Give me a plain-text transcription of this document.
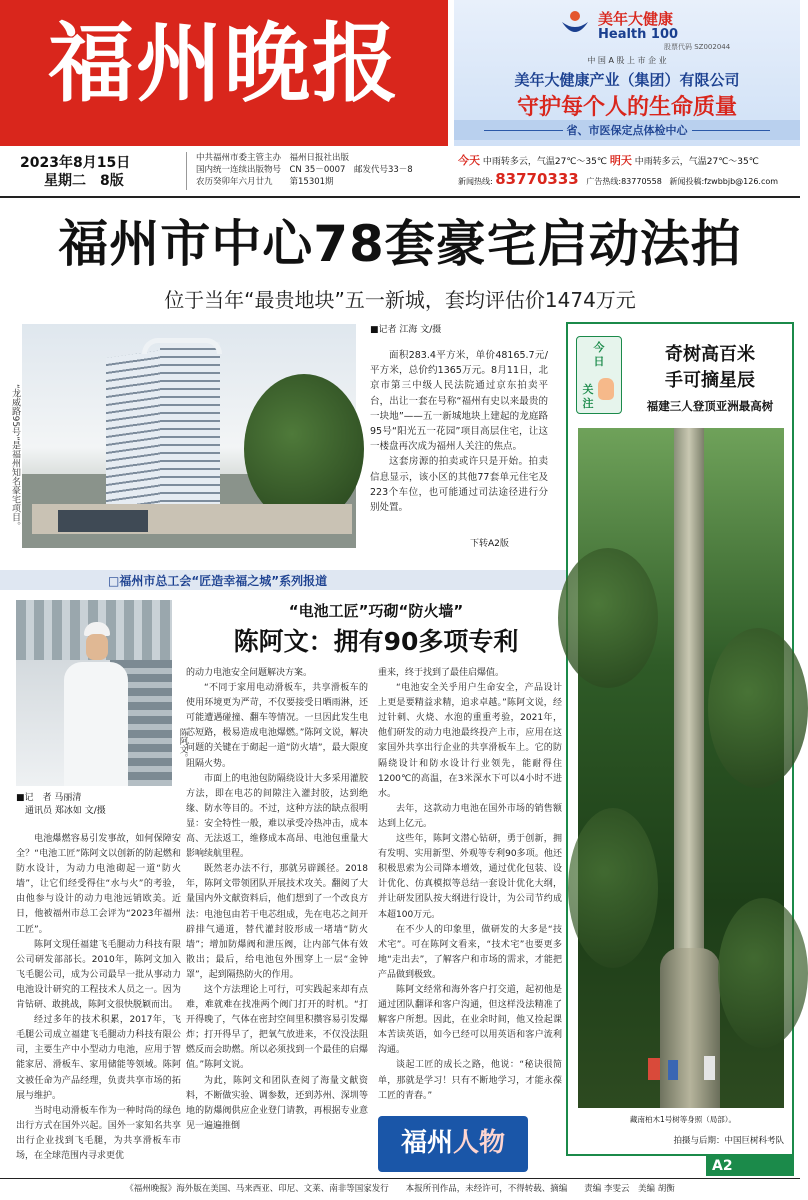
福州晚报	美年大健康
Health 100
股票代码 SZ002044
中 国 A 股 上 市 企 业
美年大健康产业（集团）有限公司
守护每个人的生命质量
省、市医保定点体检中心
2023年8月15日
星期二　8版
中共福州市委主管主办　福州日报社出版
国内统一连续出版物号　CN 35－0007　邮发代号33－8
农历癸卯年六月廿九　　第15301期
今天 中雨转多云，气温27℃～35℃ 明天 中雨转多云，气温27℃～35℃
新闻热线: 83770333 广告热线:83770558 新闻投稿:fzwbbjb@126.com
福州市中心78套豪宅启动法拍
位于当年“最贵地块”五一新城，套均评估价1474万元
“龙威路95号”是福州知名豪宅项目。
■记者 江海 文/摄

面积283.4平方米，单价48165.7元/平方米，总价约1365万元。8月11日，北京市第三中级人民法院通过京东拍卖平台，出让一套在号称“福州有史以来最贵的一块地”——五一新城地块上建起的龙庭路95号“阳光五一花园”项目高层住宅，让这一楼盘再次成为福州人关注的焦点。

这套房源的拍卖或许只是开始。拍卖信息显示，该小区的其他77套单元住宅及223个车位，也可能通过司法途径进行分别处置。

下转A2版
□福州市总工会“匠造幸福之城”系列报道
陈阿文。
“电池工匠”巧砌“防火墙”
陈阿文：拥有90多项专利
■记　者 马丽清
　通讯员 郑冰如 文/摄

电池爆燃容易引发事故，如何保障安全？“电池工匠”陈阿文以创新的防起燃和防水设计，为动力电池砌起一道“防火墙”，让它们经受得住“水与火”的考验，由他参与设计的动力电池远销欧美。近日，他被福州市总工会评为“2023年福州工匠”。

陈阿文现任福建飞毛腿动力科技有限公司研发部部长。2010年，陈阿文加入飞毛腿公司，成为公司最早一批从事动力电池设计研究的工程技术人员之一。因为肯钻研、敢挑战，陈阿文很快脱颖而出。

经过多年的技术积累，2017年，飞毛腿公司成立福建飞毛腿动力科技有限公司，主要生产中小型动力电池，应用于智能家居、滑板车、家用储能等领域。陈阿文被任命为产品经理，负责共享市场的拓展与维护。

当时电动滑板车作为一种时尚的绿色出行方式在国外兴起。国外一家知名共享出行企业找到飞毛腿，为共享滑板车市场，在全球范围内寻求更优

的动力电池安全问题解决方案。

“不同于家用电动滑板车，共享滑板车的使用环境更为严苛，不仅要接受日晒雨淋，还可能遭遇碰撞、翻车等情况。一旦因此发生电芯短路，极易造成电池爆燃。”陈阿文说，解决问题的关键在于砌起一道“防火墙”，最大限度阻隔火势。

市面上的电池包防隔绕设计大多采用灌胶方法，即在电芯的间隙注入灌封胶，达到绝缘、防水等目的。不过，这种方法的缺点很明显：安全特性一般，难以承受冷热冲击，成本高、无法返工，维修成本高昂、电池包重量大影响续航里程。

既然老办法不行，那就另辟蹊径。2018年，陈阿文带领团队开展技术攻关。翻阅了大量国内外文献资料后，他们想到了一个改良方法：电池包由若干电芯组成，先在电芯之间开辟排气通道，替代灌封胶形成一堵墙“防火墙”；增加防爆阀和泄压阀，让内部气体有效散出；最后，给电池包外围穿上一层“金钟罩”，起到隔热防火的作用。

这个方法理论上可行，可实践起来却有点难，难就难在找准两个阀门打开的时机。“打开得晚了，气体在密封空间里积攒容易引发爆炸；打开得早了，把氧气放进来，不仅没法阻燃反而会助燃。所以必须找到一个最佳的启爆值。”陈阿文说。

为此，陈阿文和团队查阅了海量文献资料，不断做实验、调参数，还到苏州、深圳等地的防爆阀供应企业登门请教，再根据专业意见一遍遍推倒

重来，终于找到了最佳启爆值。

“电池安全关乎用户生命安全，产品设计上更是要精益求精，追求卓越。”陈阿文说，经过针刺、火烧、水泡的重重考验，2021年，他们研发的动力电池最终投产上市，应用在这家国外共享出行企业的共享滑板车上。它的防隔绕设计和防水设计行业领先，能耐得住1200℃的高温，在3米深水下可以4小时不进水。

去年，这款动力电池在国外市场的销售额达到上亿元。

这些年，陈阿文潜心钻研，勇于创新，拥有发明、实用新型、外观等专利90多项。他还积极思索为公司降本增效，通过优化包装、设计优化、仿真模拟等总结一套设计优化大纲，并让研发团队按大纲进行设计，为公司节约成本超100万元。

在不少人的印象里，做研发的大多是“技术宅”。可在陈阿文看来，“技术宅”也要更多地“走出去”，了解客户和市场的需求，才能把产品做到极致。

陈阿文经常和海外客户打交道，起初他是通过团队翻译和客户沟通，但这样没法精准了解客户所想。因此，在业余时间，他又捡起课本苦读英语，如今已经可以用英语和客户流利沟通。

谈起工匠的成长之路，他说：“秘诀很简单，那就是学习！只有不断地学习，才能永葆工匠的青春。”

福州人物
今
日
关
注
奇树高百米
手可摘星辰
福建三人登顶亚洲最高树
藏南柏木1号树等身照（局部）。
拍摄与后期：中国巨树科考队
A2
《福州晚报》海外版在美国、马来西亚、印尼、文莱、南非等国家发行　　本报所刊作品，未经许可，不得转载、摘编　　责编 李雯云　美编 胡衡
